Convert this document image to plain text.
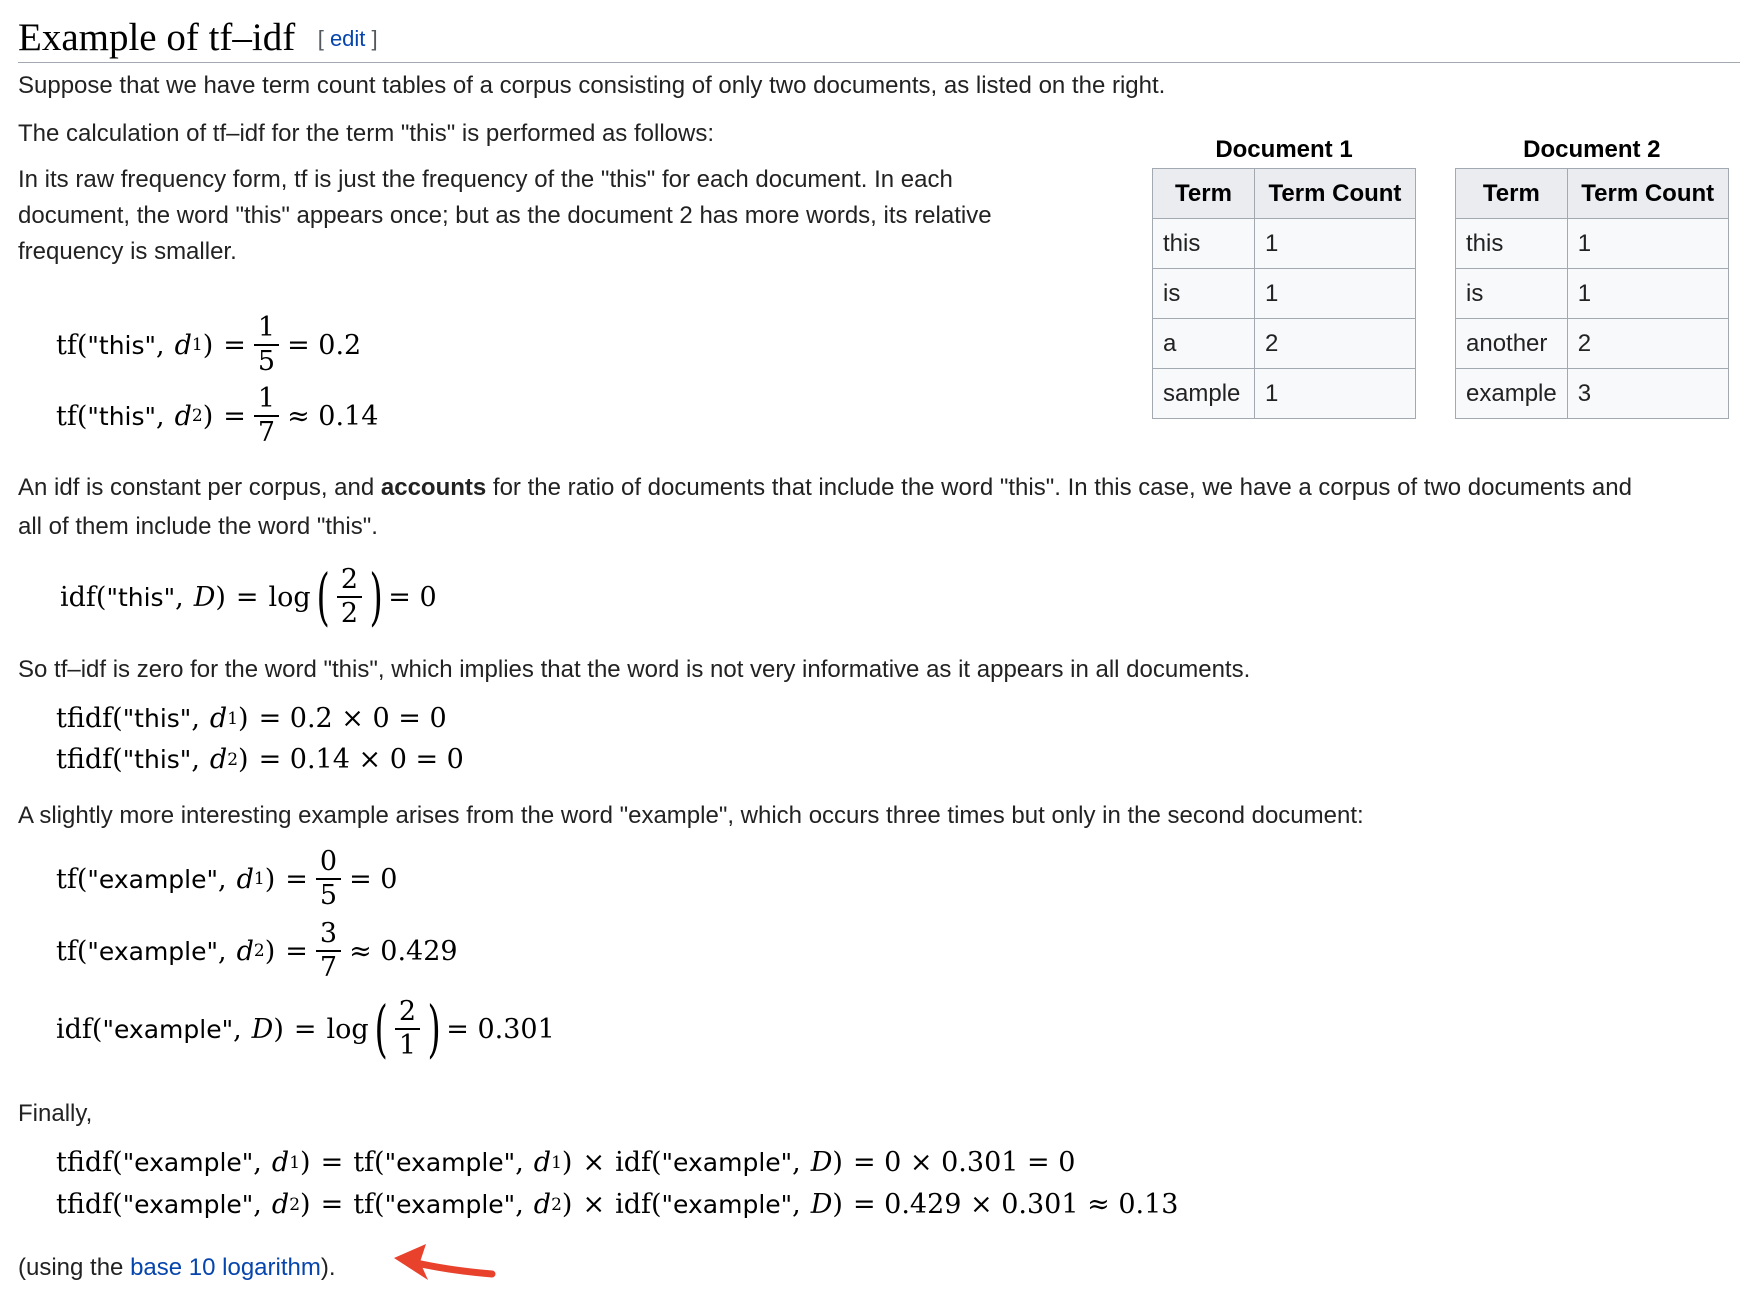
Example of tf–idf [ edit ]

Suppose that we have term count tables of a corpus consisting of only two documents, as listed on the right.

The calculation of tf–idf for the term "this" is performed as follows:

In its raw frequency form, tf is just the frequency of the "this" for each document. In each

document, the word "this" appears once; but as the document 2 has more words, its relative

frequency is smaller.

Document 1
Term	Term Count
this	1
is	1
a	2
sample	1
Document 2
Term	Term Count
this	1
is	1
another	2
example	3
tf ( "this" , d 1 ) = $\frac{1}{5} = 0.2$
tf ( "this" , d 2 ) = $\frac{1}{7} \approx 0.14$

An idf is constant per corpus, and accounts for the ratio of documents that include the word "this". In this case, we have a corpus of two documents and

all of them include the word "this".

idf ( "this" , D ) = log ( $\frac{2}{2}$ ) = 0

So tf–idf is zero for the word "this", which implies that the word is not very informative as it appears in all documents.

tfidf ( "this" , d 1 ) = 0.2 × 0 = 0
tfidf ( "this" , d 2 ) = 0.14 × 0 = 0

A slightly more interesting example arises from the word "example", which occurs three times but only in the second document:

tf ( "example" , d 1 ) = $\frac{0}{5} = 0$
tf ( "example" , d 2 ) = $\frac{3}{7} \approx 0.429$
idf ( "example" , D ) = log ( $\frac{2}{1}$ ) = 0.301

Finally,

tfidf ( "example" , d 1 ) = tf ( "example" , d 1 ) × idf ( "example" , D ) = 0 × 0.301 = 0
tfidf ( "example" , d 2 ) = tf ( "example" , d 2 ) × idf ( "example" , D ) = 0.429 × 0.301 ≈ 0.13

(using the base 10 logarithm).
